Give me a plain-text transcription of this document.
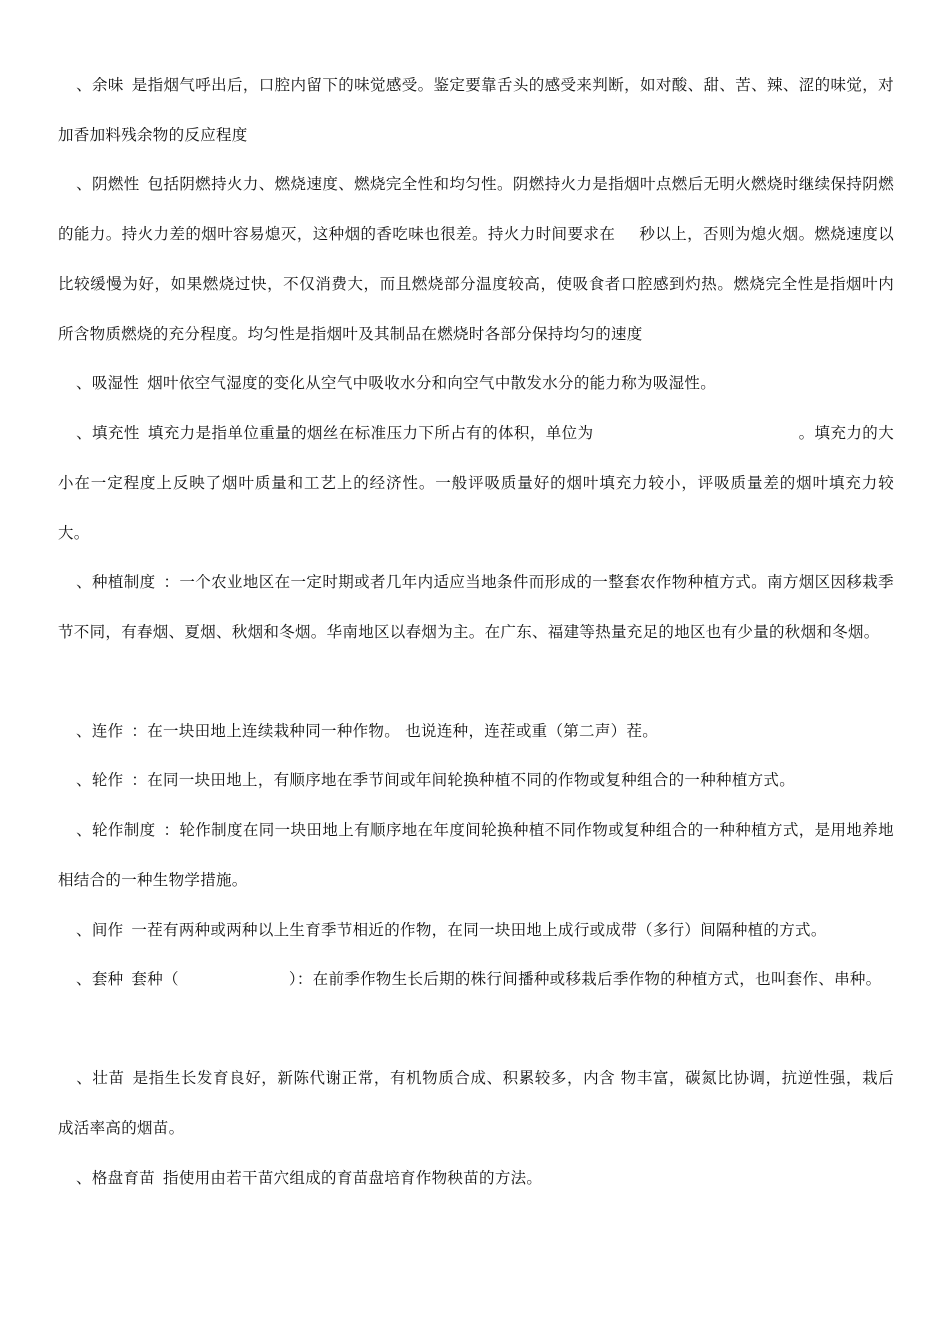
、余味 是指烟气呼出后，口腔内留下的味觉感受。鉴定要靠舌头的感受来判断，如对酸、甜、苦、辣、涩的味觉，对加香加料残余物的反应程度

、阴燃性 包括阴燃持火力、燃烧速度、燃烧完全性和均匀性。阴燃持火力是指烟叶点燃后无明火燃烧时继续保持阴燃的能力。持火力差的烟叶容易熄灭，这种烟的香吃味也很差。持火力时间要求在 秒以上，否则为熄火烟。燃烧速度以比较缓慢为好，如果燃烧过快，不仅消费大，而且燃烧部分温度较高，使吸食者口腔感到灼热。燃烧完全性是指烟叶内所含物质燃烧的充分程度。均匀性是指烟叶及其制品在燃烧时各部分保持均匀的速度

、吸湿性 烟叶依空气湿度的变化从空气中吸收水分和向空气中散发水分的能力称为吸湿性。

、填充性 填充力是指单位重量的烟丝在标准压力下所占有的体积，单位为	。填充力的大小在一定程度上反映了烟叶质量和工艺上的经济性。一般评吸质量好的烟叶填充力较小，评吸质量差的烟叶填充力较大。

、种植制度 ：一个农业地区在一定时期或者几年内适应当地条件而形成的一整套农作物种植方式。南方烟区因移栽季节不同，有春烟、夏烟、秋烟和冬烟。华南地区以春烟为主。在广东、福建等热量充足的地区也有少量的秋烟和冬烟。

、连作 ：在一块田地上连续栽种同一种作物。 也说连种，连茬或重（第二声）茬。

、轮作 ：在同一块田地上，有顺序地在季节间或年间轮换种植不同的作物或复种组合的一种种植方式。

、轮作制度 ：轮作制度在同一块田地上有顺序地在年度间轮换种植不同作物或复种组合的一种种植方式，是用地养地相结合的一种生物学措施。

、间作 一茬有两种或两种以上生育季节相近的作物，在同一块田地上成行或成带（多行）间隔种植的方式。

、套种 套种（	）：在前季作物生长后期的株行间播种或移栽后季作物的种植方式，也叫套作、串种。

、壮苗 是指生长发育良好，新陈代谢正常，有机物质合成、积累较多，内含 物丰富，碳氮比协调，抗逆性强，栽后成活率高的烟苗。

、格盘育苗 指使用由若干苗穴组成的育苗盘培育作物秧苗的方法。
